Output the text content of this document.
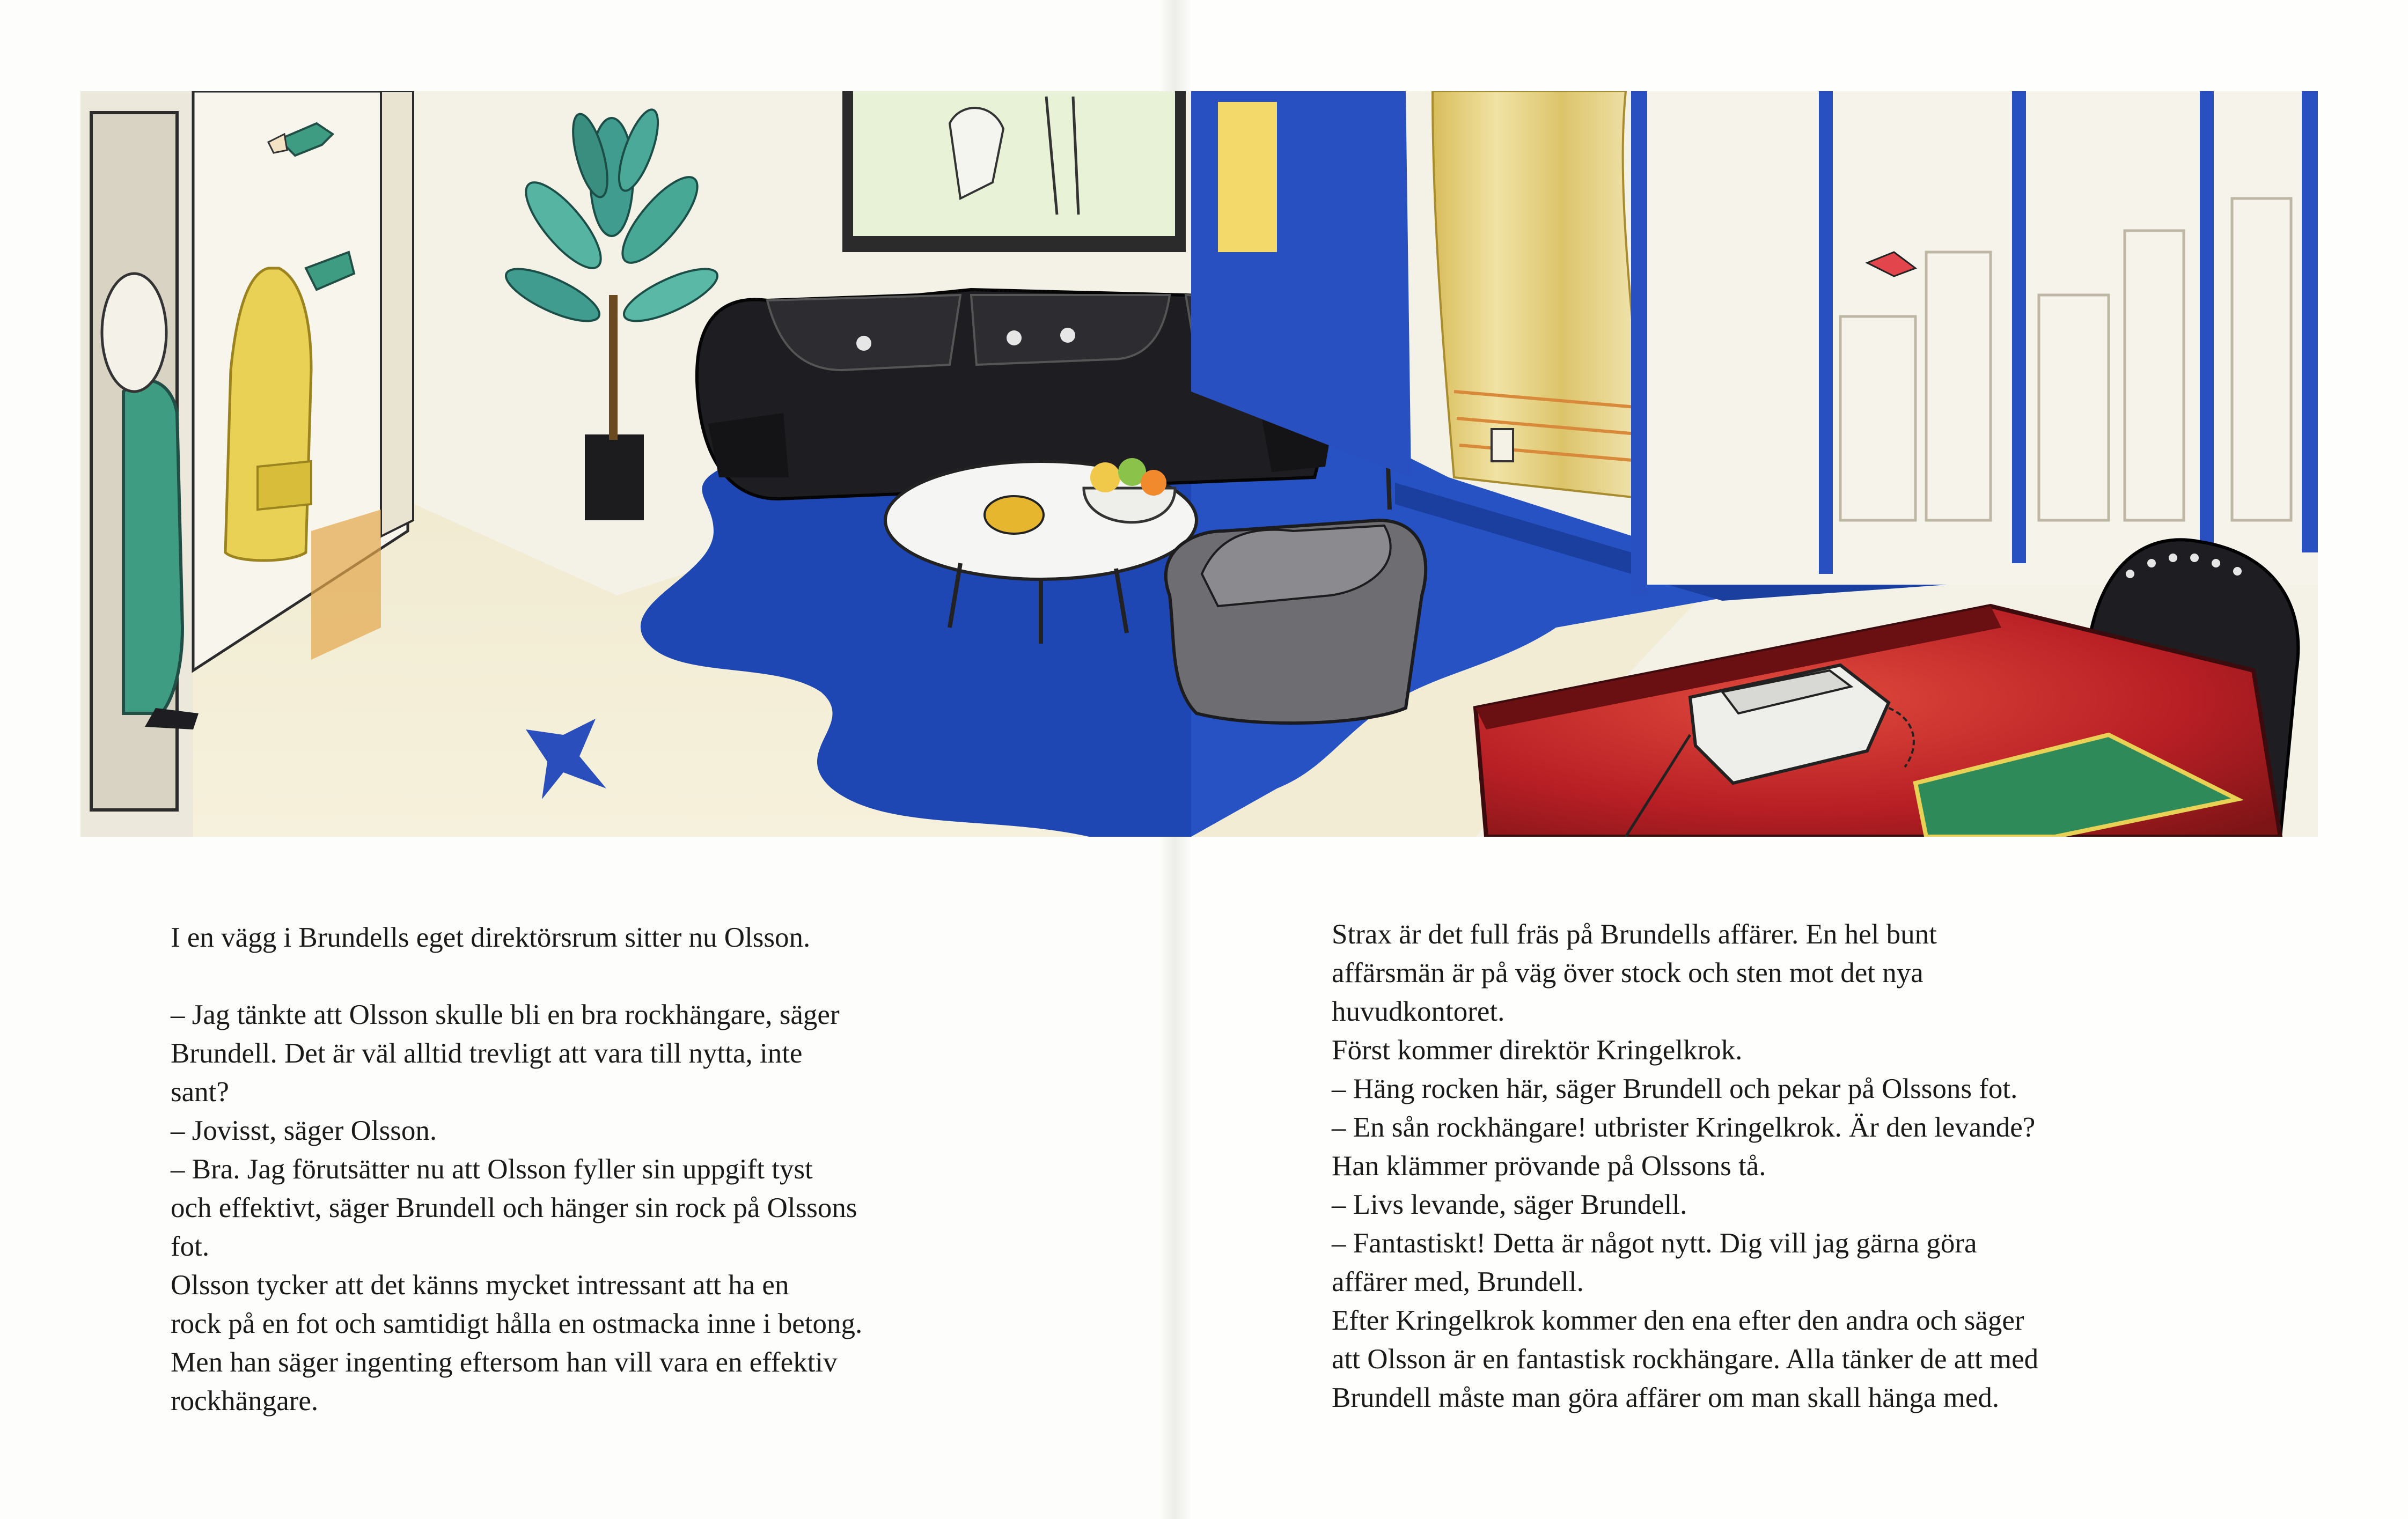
I en vägg i Brundells eget direktörsrum sitter nu Olsson.
– Jag tänkte att Olsson skulle bli en bra rockhängare, säger
Brundell. Det är väl alltid trevligt att vara till nytta, inte
sant?
– Jovisst, säger Olsson.
– Bra. Jag förutsätter nu att Olsson fyller sin uppgift tyst
och effektivt, säger Brundell och hänger sin rock på Olssons
fot.
Olsson tycker att det känns mycket intressant att ha en
rock på en fot och samtidigt hålla en ostmacka inne i betong.
Men han säger ingenting eftersom han vill vara en effektiv
rockhängare.
Strax är det full fräs på Brundells affärer. En hel bunt
affärsmän är på väg över stock och sten mot det nya
huvudkontoret.
Först kommer direktör Kringelkrok.
– Häng rocken här, säger Brundell och pekar på Olssons fot.
– En sån rockhängare! utbrister Kringelkrok. Är den levande?
Han klämmer prövande på Olssons tå.
– Livs levande, säger Brundell.
– Fantastiskt! Detta är något nytt. Dig vill jag gärna göra
affärer med, Brundell.
Efter Kringelkrok kommer den ena efter den andra och säger
att Olsson är en fantastisk rockhängare. Alla tänker de att med
Brundell måste man göra affärer om man skall hänga med.
